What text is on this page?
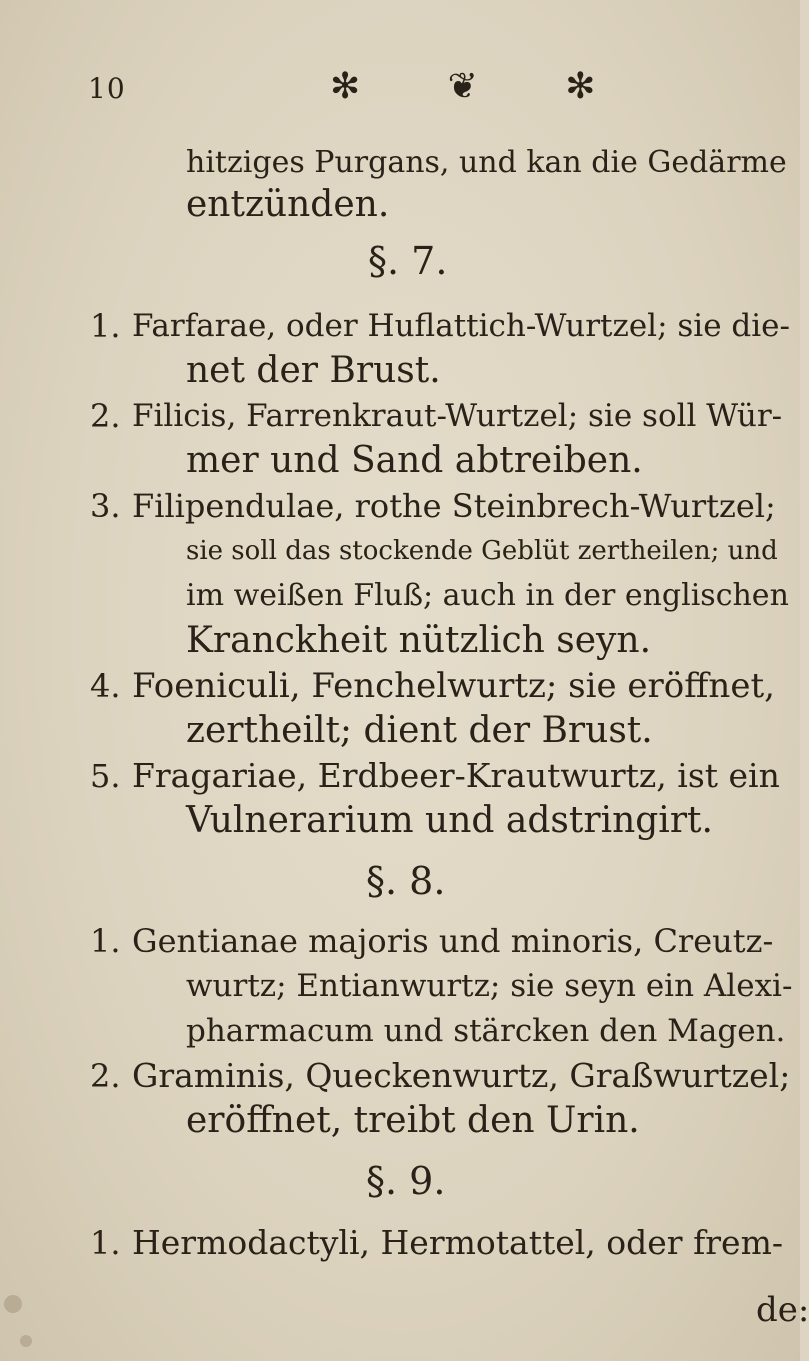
10	✻ ❦ ✻
hitziges Purgans, und kan die Gedärme
entzünden.
§. 7.
1. Farfarae, oder Huflattich-Wurtzel; sie die-
net der Brust.
2. Filicis, Farrenkraut-Wurtzel; sie soll Wür-
mer und Sand abtreiben.
3. Filipendulae, rothe Steinbrech-Wurtzel;
sie soll das stockende Geblüt zertheilen; und
im weißen Fluß; auch in der englischen
Kranckheit nützlich seyn.
4. Foeniculi, Fenchelwurtz; sie eröffnet,
zertheilt; dient der Brust.
5. Fragariae, Erdbeer-Krautwurtz, ist ein
Vulnerarium und adstringirt.
§. 8.
1. Gentianae majoris und minoris, Creutz-
wurtz; Entianwurtz; sie seyn ein Alexi-
pharmacum und stärcken den Magen.
2. Graminis, Queckenwurtz, Graßwurtzel;
eröffnet, treibt den Urin.
§. 9.
1. Hermodactyli, Hermotattel, oder frem-
de:
